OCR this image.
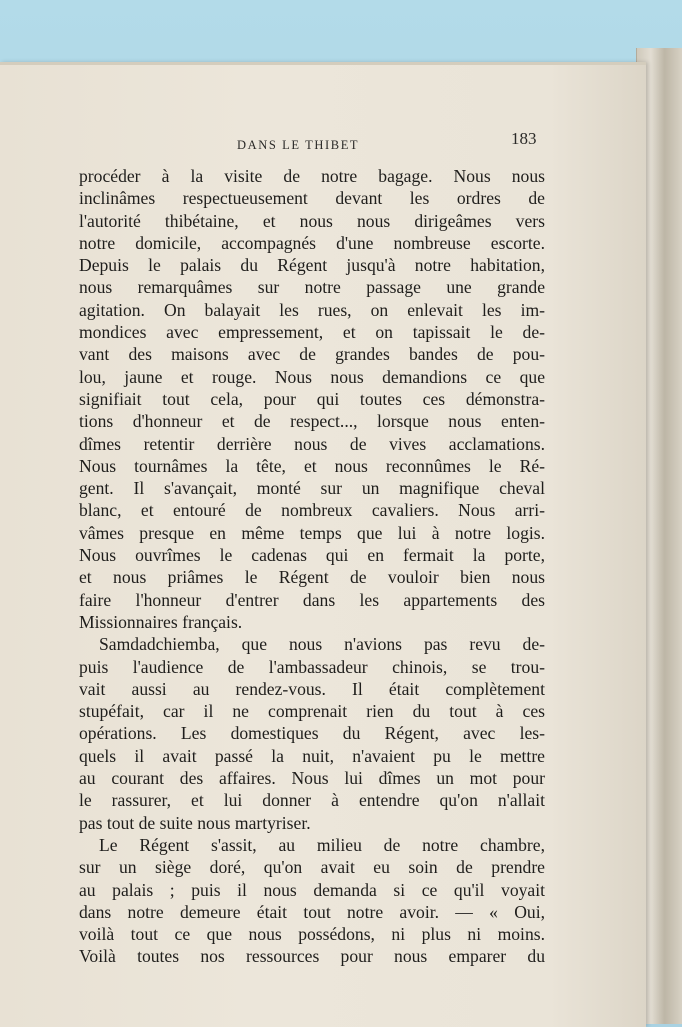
DANS LE THIBET	183
procéder à la visite de notre bagage. Nous nous
inclinâmes respectueusement devant les ordres de
l'autorité thibétaine, et nous nous dirigeâmes vers
notre domicile, accompagnés d'une nombreuse escorte.
Depuis le palais du Régent jusqu'à notre habitation,
nous remarquâmes sur notre passage une grande
agitation. On balayait les rues, on enlevait les im-
mondices avec empressement, et on tapissait le de-
vant des maisons avec de grandes bandes de pou-
lou, jaune et rouge. Nous nous demandions ce que
signifiait tout cela, pour qui toutes ces démonstra-
tions d'honneur et de respect..., lorsque nous enten-
dîmes retentir derrière nous de vives acclamations.
Nous tournâmes la tête, et nous reconnûmes le Ré-
gent. Il s'avançait, monté sur un magnifique cheval
blanc, et entouré de nombreux cavaliers. Nous arri-
vâmes presque en même temps que lui à notre logis.
Nous ouvrîmes le cadenas qui en fermait la porte,
et nous priâmes le Régent de vouloir bien nous
faire l'honneur d'entrer dans les appartements des
Missionnaires français.
Samdadchiemba, que nous n'avions pas revu de-
puis l'audience de l'ambassadeur chinois, se trou-
vait aussi au rendez-vous. Il était complètement
stupéfait, car il ne comprenait rien du tout à ces
opérations. Les domestiques du Régent, avec les-
quels il avait passé la nuit, n'avaient pu le mettre
au courant des affaires. Nous lui dîmes un mot pour
le rassurer, et lui donner à entendre qu'on n'allait
pas tout de suite nous martyriser.
Le Régent s'assit, au milieu de notre chambre,
sur un siège doré, qu'on avait eu soin de prendre
au palais ; puis il nous demanda si ce qu'il voyait
dans notre demeure était tout notre avoir. — « Oui,
voilà tout ce que nous possédons, ni plus ni moins.
Voilà toutes nos ressources pour nous emparer du
